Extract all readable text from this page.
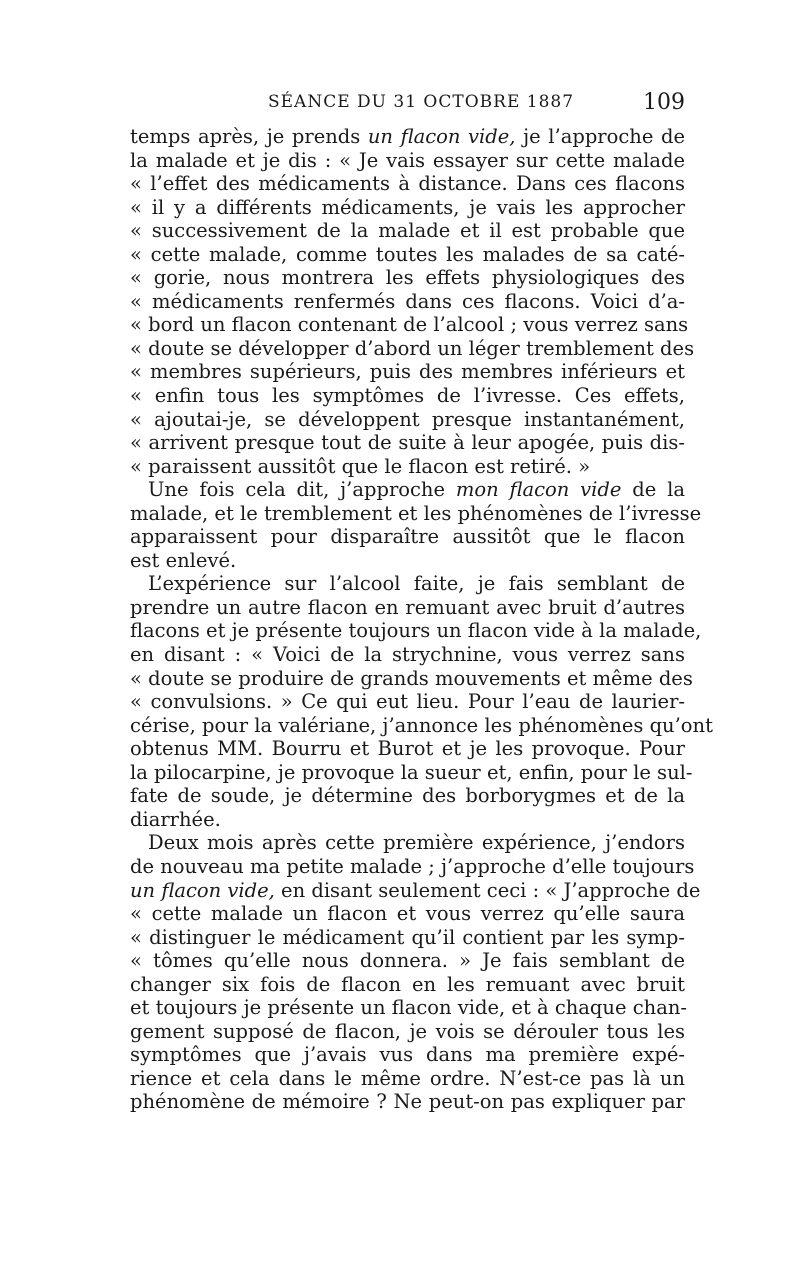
SÉANCE DU 31 OCTOBRE 1887	109
temps après, je prends un flacon vide, je l’approche de
la malade et je dis : « Je vais essayer sur cette malade
« l’effet des médicaments à distance. Dans ces flacons
« il y a différents médicaments, je vais les approcher
« successivement de la malade et il est probable que
« cette malade, comme toutes les malades de sa caté-
« gorie, nous montrera les effets physiologiques des
« médicaments renfermés dans ces flacons. Voici d’a-
« bord un flacon contenant de l’alcool ; vous verrez sans
« doute se développer d’abord un léger tremblement des
« membres supérieurs, puis des membres inférieurs et
« enfin tous les symptômes de l’ivresse. Ces effets,
« ajoutai-je, se développent presque instantanément,
« arrivent presque tout de suite à leur apogée, puis dis-
« paraissent aussitôt que le flacon est retiré. »
Une fois cela dit, j’approche mon flacon vide de la
malade, et le tremblement et les phénomènes de l’ivresse
apparaissent pour disparaître aussitôt que le flacon
est enlevé.
L’expérience sur l’alcool faite, je fais semblant de
prendre un autre flacon en remuant avec bruit d’autres
flacons et je présente toujours un flacon vide à la malade,
en disant : « Voici de la strychnine, vous verrez sans
« doute se produire de grands mouvements et même des
« convulsions. » Ce qui eut lieu. Pour l’eau de laurier-
cérise, pour la valériane, j’annonce les phénomènes qu’ont
obtenus MM. Bourru et Burot et je les provoque. Pour
la pilocarpine, je provoque la sueur et, enfin, pour le sul-
fate de soude, je détermine des borborygmes et de la
diarrhée.
Deux mois après cette première expérience, j’endors
de nouveau ma petite malade ; j’approche d’elle toujours
un flacon vide, en disant seulement ceci : « J’approche de
« cette malade un flacon et vous verrez qu’elle saura
« distinguer le médicament qu’il contient par les symp-
« tômes qu’elle nous donnera. » Je fais semblant de
changer six fois de flacon en les remuant avec bruit
et toujours je présente un flacon vide, et à chaque chan-
gement supposé de flacon, je vois se dérouler tous les
symptômes que j’avais vus dans ma première expé-
rience et cela dans le même ordre. N’est-ce pas là un
phénomène de mémoire ? Ne peut-on pas expliquer par
